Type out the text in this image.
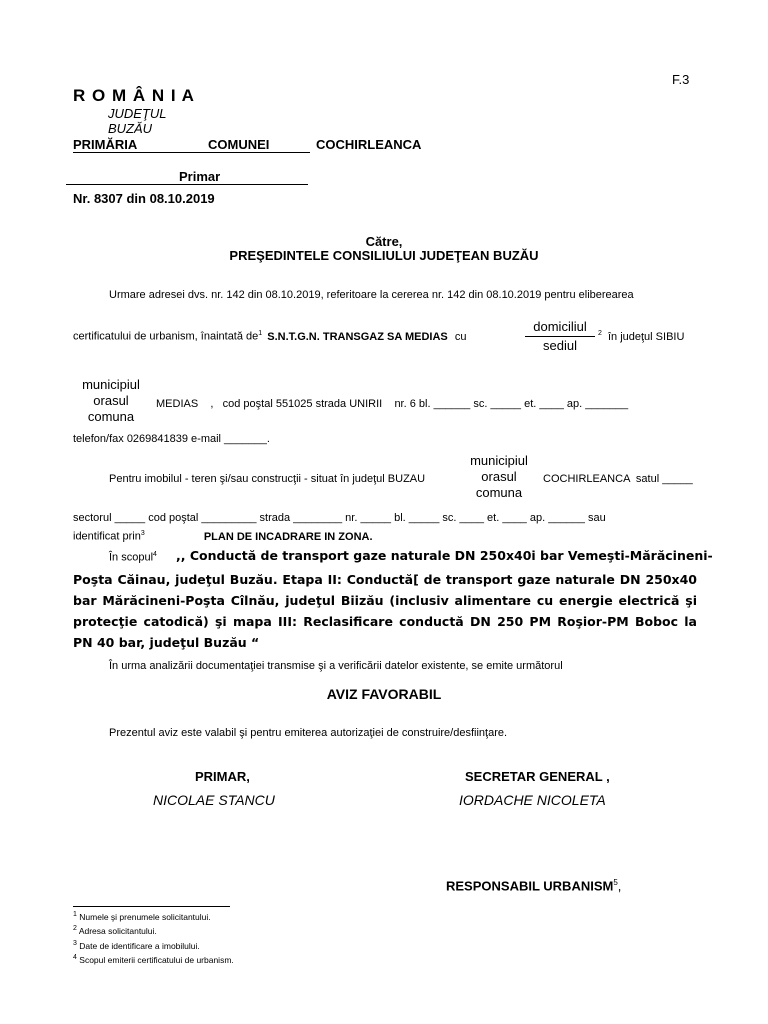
F.3
R O M Â N I A
JUDEŢUL
BUZĂU
PRIMĂRIA	COMUNEI	COCHIRLEANCA
Primar
Nr. 8307 din 08.10.2019
Către,
PREŞEDINTELE CONSILIULUI JUDEŢEAN BUZĂU
Urmare adresei dvs. nr. 142 din 08.10.2019, referitoare la cererea nr. 142 din 08.10.2019 pentru eliberearea
certificatului de urbanism, înaintată $de^1$ S.N.T.G.N. TRANSGAZ SA MEDIAS cu
domiciliul
sediul
$^2$ în judeţul SIBIU
municipiul
orasul
comuna
MEDIAS    ,   cod poştal 551025 strada UNIRII    nr. 6 bl. ______ sc. _____ et. ____ ap. _______
telefon/fax 0269841839 e-mail _______.
Pentru imobilul - teren şi/sau construcţii - situat în judeţul BUZAU
municipiul
orasul
comuna
COCHIRLEANCA  satul _____
sectorul _____ cod poştal _________ strada ________ nr. _____ bl. _____ sc. ____ et. ____ ap. ______ sau
identificat prin$^3$	PLAN DE INCADRARE IN ZONA.
În scopul$^4$ ,, Conductă de transport gaze naturale DN 250x40i bar Vemeşti-Mărăcineni-
Poşta Căinau, judeţul Buzău. Etapa II: Conductă[ de transport gaze naturale DN 250x40 bar Mărăcineni-Poşta Cîlnău, judeţul Biizău (inclusiv alimentare cu energie electrică şi protecţie catodică) şi mapa III: Reclasificare conductă DN 250 PM Roşior-PM Boboc la PN 40 bar, judeţul Buzău “
În urma analizării documentaţiei transmise şi a verificării datelor existente, se emite următorul
AVIZ FAVORABIL
Prezentul aviz este valabil şi pentru emiterea autorizaţiei de construire/desfiinţare.
PRIMAR,
NICOLAE STANCU
SECRETAR GENERAL ,
IORDACHE NICOLETA
RESPONSABIL URBANISM$^5$,
$^1$ Numele şi prenumele solicitantului.
$^2$ Adresa solicitantului.
$^3$ Date de identificare a imobilului.
$^4$ Scopul emiterii certificatului de urbanism.
